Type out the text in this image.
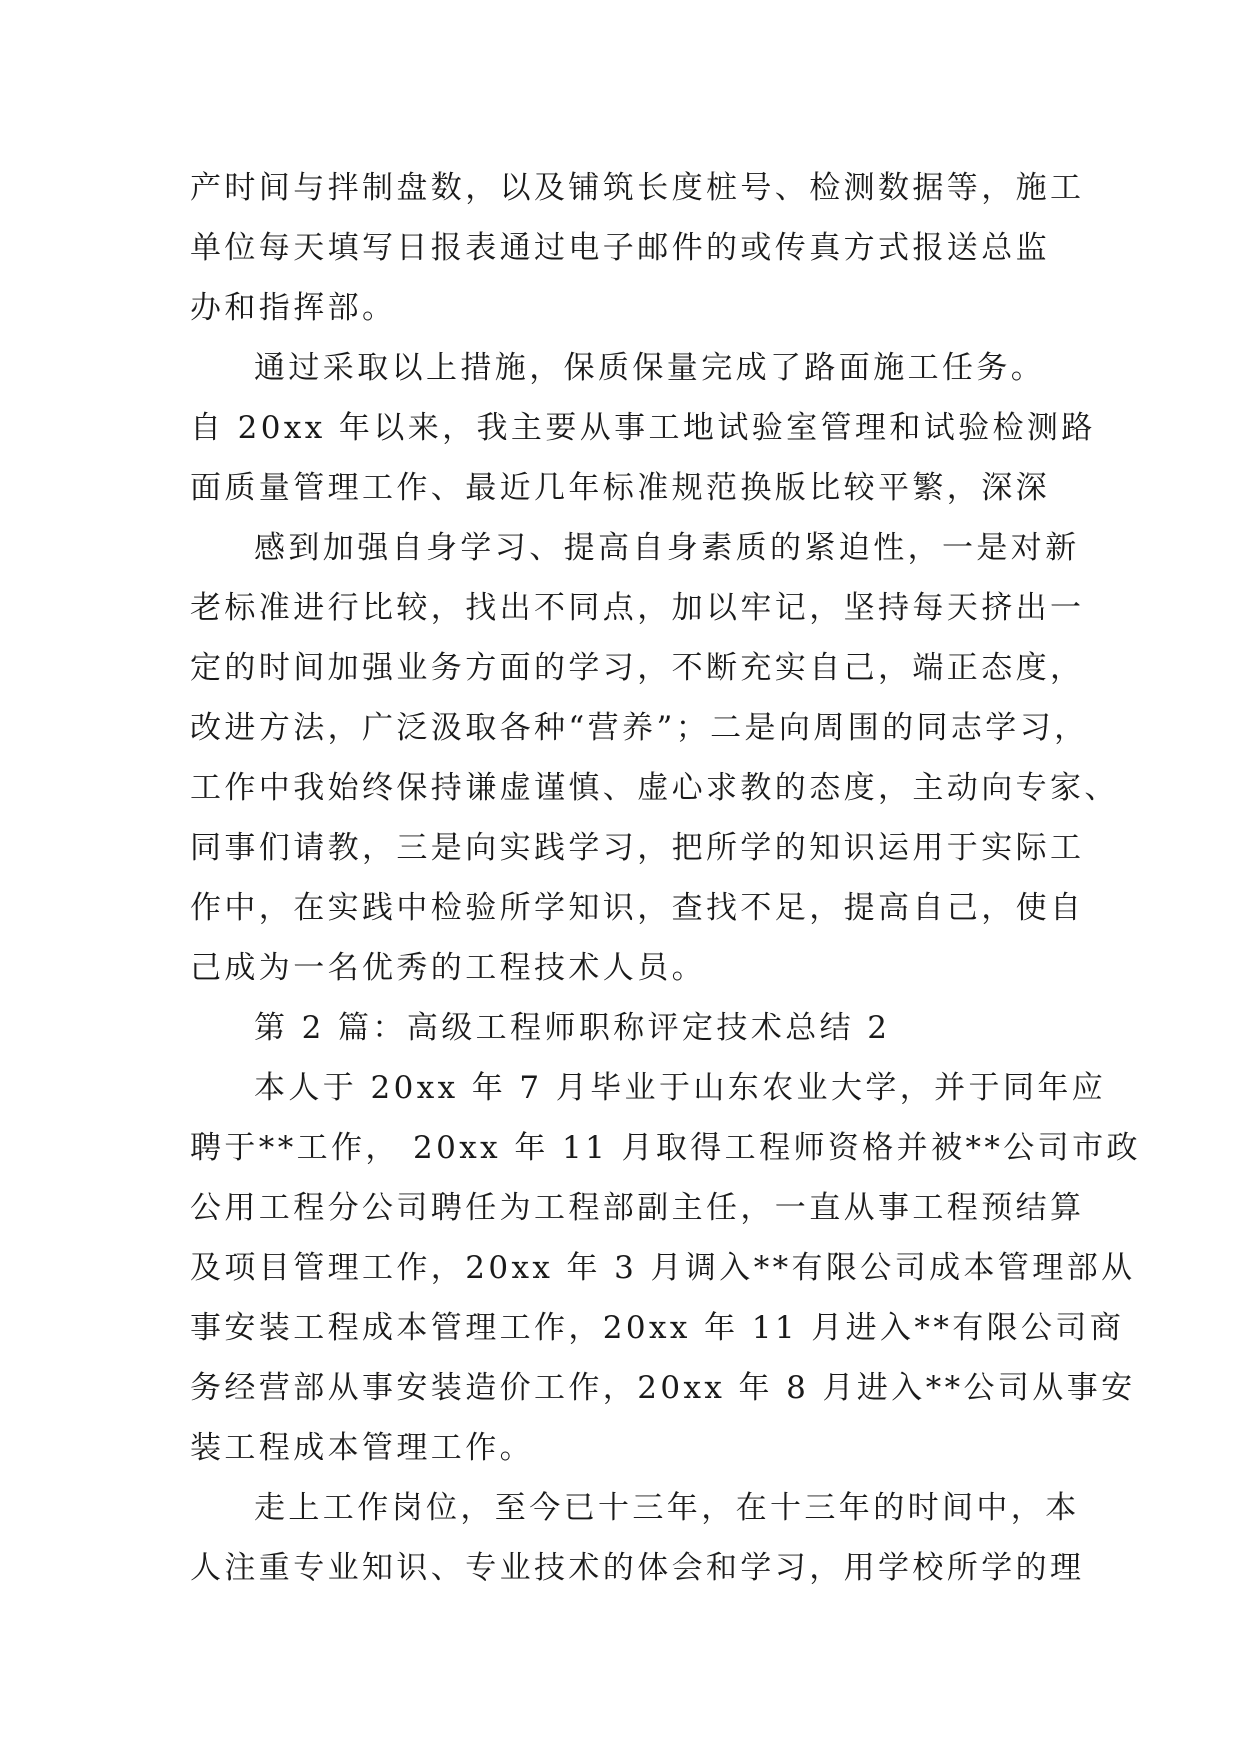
产时间与拌制盘数，以及铺筑长度桩号、检测数据等，施工
单位每天填写日报表通过电子邮件的或传真方式报送总监
办和指挥部。
通过采取以上措施，保质保量完成了路面施工任务。
自 20xx 年以来，我主要从事工地试验室管理和试验检测路
面质量管理工作、最近几年标准规范换版比较平繁，深深
感到加强自身学习、提高自身素质的紧迫性，一是对新
老标准进行比较，找出不同点，加以牢记，坚持每天挤出一
定的时间加强业务方面的学习，不断充实自己，端正态度，
改进方法，广泛汲取各种“营养”；二是向周围的同志学习，
工作中我始终保持谦虚谨慎、虚心求教的态度，主动向专家、
同事们请教，三是向实践学习，把所学的知识运用于实际工
作中，在实践中检验所学知识，查找不足，提高自己，使自
己成为一名优秀的工程技术人员。
第 2 篇：高级工程师职称评定技术总结 2
本人于 20xx 年 7 月毕业于山东农业大学，并于同年应
聘于**工作， 20xx 年 11 月取得工程师资格并被**公司市政
公用工程分公司聘任为工程部副主任，一直从事工程预结算
及项目管理工作，20xx 年 3 月调入**有限公司成本管理部从
事安装工程成本管理工作，20xx 年 11 月进入**有限公司商
务经营部从事安装造价工作，20xx 年 8 月进入**公司从事安
装工程成本管理工作。
走上工作岗位，至今已十三年，在十三年的时间中，本
人注重专业知识、专业技术的体会和学习，用学校所学的理
